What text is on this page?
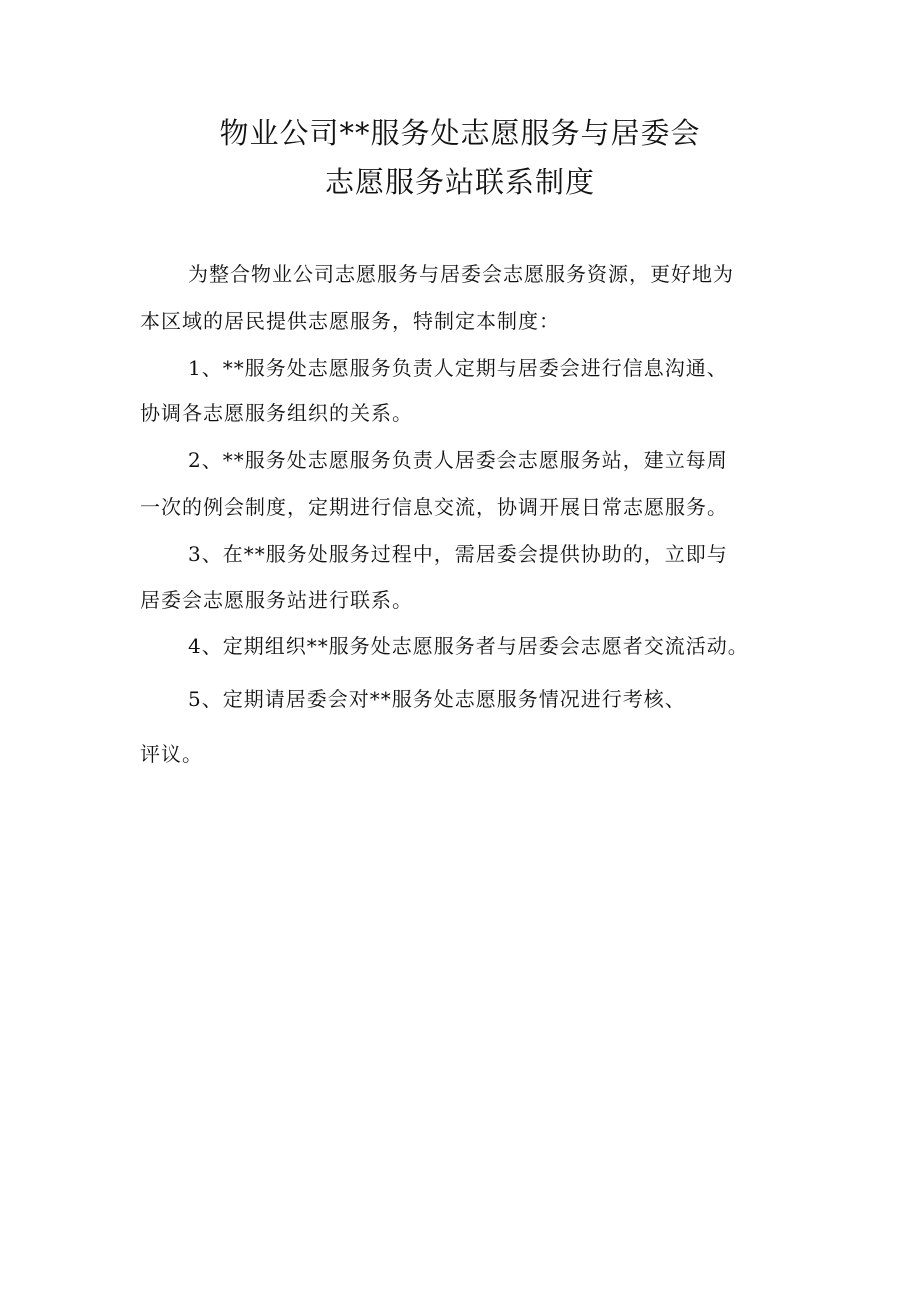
物业公司**服务处志愿服务与居委会
志愿服务站联系制度
为整合物业公司志愿服务与居委会志愿服务资源，更好地为
本区域的居民提供志愿服务，特制定本制度：
1、**服务处志愿服务负责人定期与居委会进行信息沟通、
协调各志愿服务组织的关系。
2、**服务处志愿服务负责人居委会志愿服务站，建立每周
一次的例会制度，定期进行信息交流，协调开展日常志愿服务。
3、在**服务处服务过程中，需居委会提供协助的，立即与
居委会志愿服务站进行联系。
4、定期组织**服务处志愿服务者与居委会志愿者交流活动。
5、定期请居委会对**服务处志愿服务情况进行考核、
评议。
